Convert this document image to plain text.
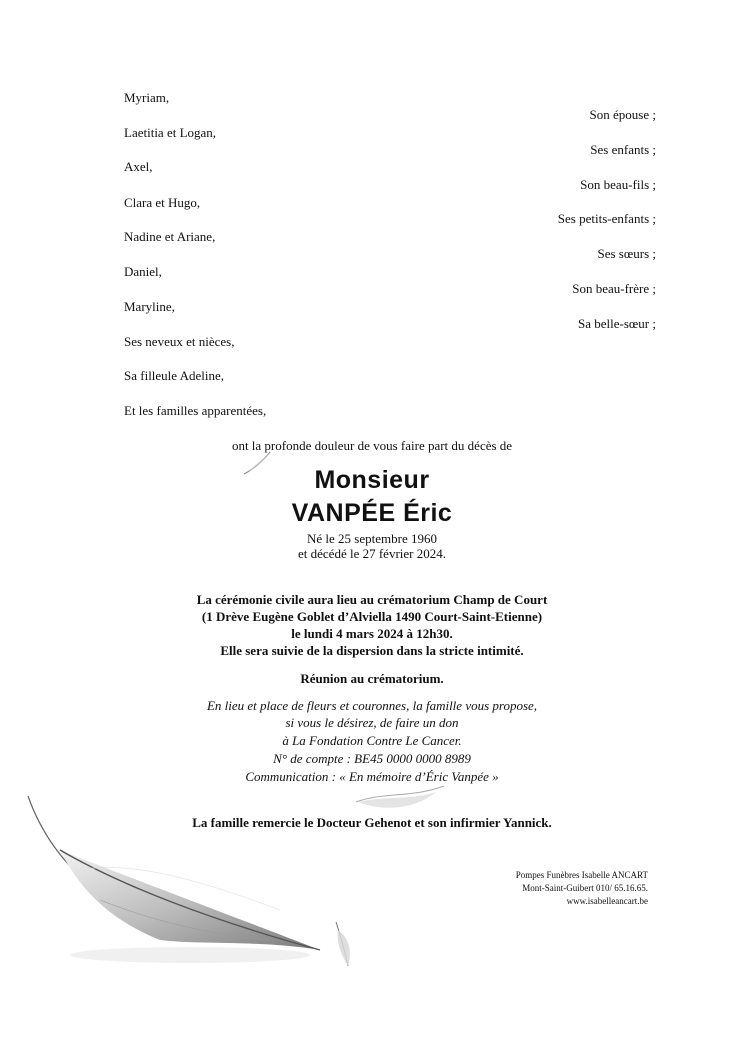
Myriam,
Laetitia et Logan,
Axel,
Clara et Hugo,
Nadine et Ariane,
Daniel,
Maryline,
Ses neveux et nièces,
Sa filleule Adeline,
Et les familles apparentées,
Son épouse ;
Ses enfants ;
Son beau-fils ;
Ses petits-enfants ;
Ses sœurs ;
Son beau-frère ;
Sa belle-sœur ;
ont la profonde douleur de vous faire part du décès de
Monsieur
VANPÉE Éric
Né le 25 septembre 1960
et décédé le 27 février 2024.
La cérémonie civile aura lieu au crématorium Champ de Court
(1 Drève Eugène Goblet d’Alviella 1490 Court-Saint-Etienne)
le lundi 4 mars 2024 à 12h30.
Elle sera suivie de la dispersion dans la stricte intimité.
Réunion au crématorium.
En lieu et place de fleurs et couronnes, la famille vous propose,
si vous le désirez, de faire un don
à La Fondation Contre Le Cancer.
N° de compte : BE45 0000 0000 8989
Communication : « En mémoire d’Éric Vanpée »
La famille remercie le Docteur Gehenot et son infirmier Yannick.
Pompes Funèbres Isabelle ANCART
Mont-Saint-Guibert 010/ 65.16.65.
www.isabelleancart.be
